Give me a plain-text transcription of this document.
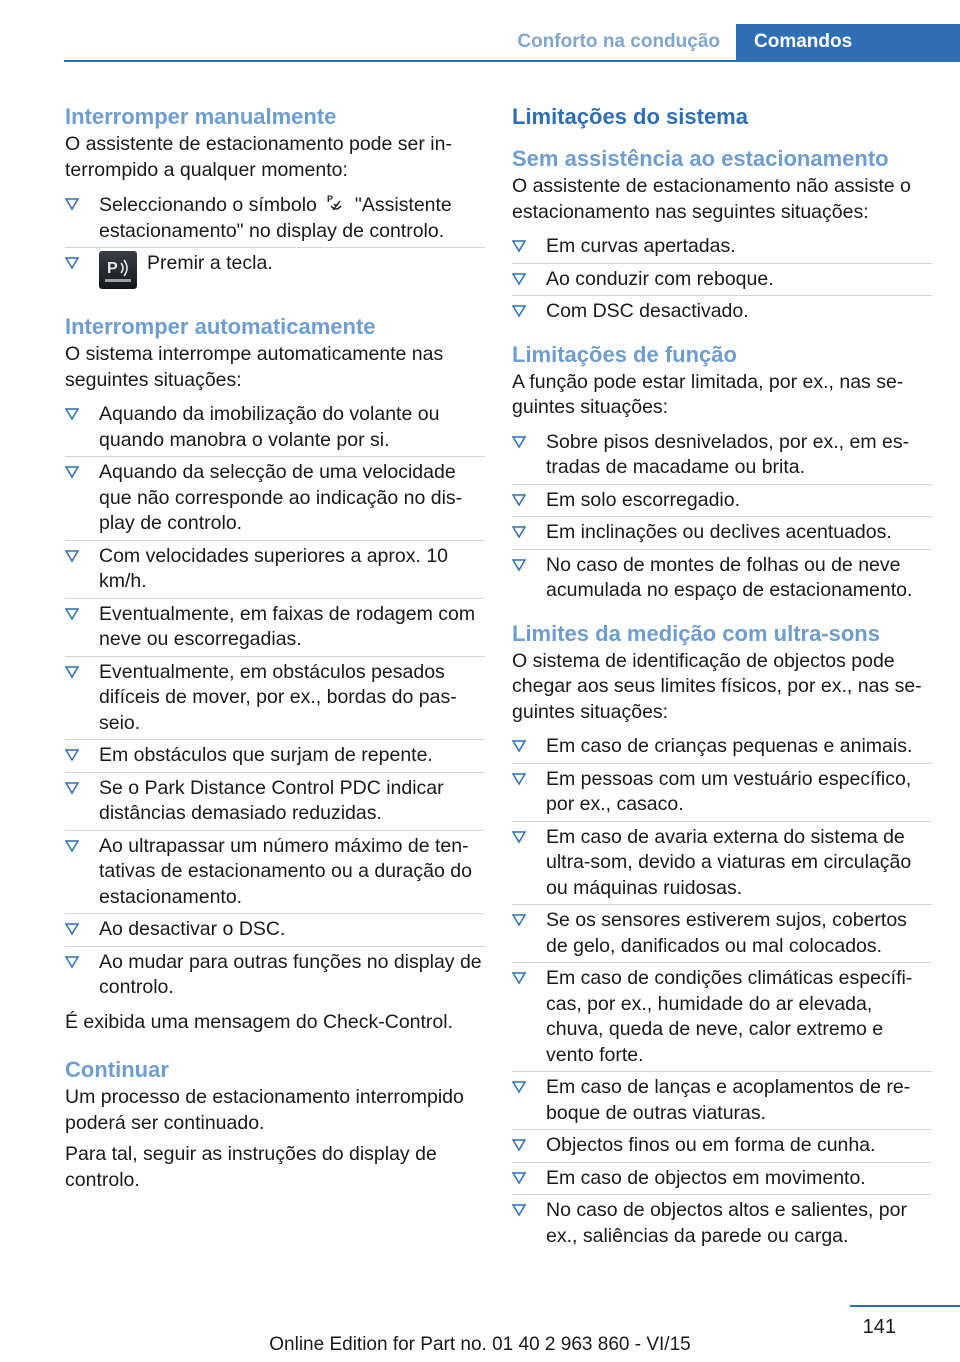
Conforto na condução	Comandos
Interromper manualmente

O assistente de estacionamento pode ser in‐terrompido a qualquer momento:

Seleccionando o símbolo P "Assistente estacionamento" no display de controlo.
P Premir a tecla.
Interromper automaticamente

O sistema interrompe automaticamente nas seguintes situações:

Aquando da imobilização do volante ou quando manobra o volante por si.
Aquando da selecção de uma velocidade que não corresponde ao indicação no dis‐play de controlo.
Com velocidades superiores a aprox. 10 km/h.
Eventualmente, em faixas de rodagem com neve ou escorregadias.
Eventualmente, em obstáculos pesados difíceis de mover, por ex., bordas do pas‐seio.
Em obstáculos que surjam de repente.
Se o Park Distance Control PDC indicar distâncias demasiado reduzidas.
Ao ultrapassar um número máximo de ten‐tativas de estacionamento ou a duração do estacionamento.
Ao desactivar o DSC.
Ao mudar para outras funções no display de controlo.

É exibida uma mensagem do Check-Control.

Continuar

Um processo de estacionamento interrompido poderá ser continuado.

Para tal, seguir as instruções do display de controlo.

Limitações do sistema
Sem assistência ao estacionamento

O assistente de estacionamento não assiste o estacionamento nas seguintes situações:

Em curvas apertadas.
Ao conduzir com reboque.
Com DSC desactivado.
Limitações de função

A função pode estar limitada, por ex., nas se‐guintes situações:

Sobre pisos desnivelados, por ex., em es‐tradas de macadame ou brita.
Em solo escorregadio.
Em inclinações ou declives acentuados.
No caso de montes de folhas ou de neve acumulada no espaço de estacionamento.
Limites da medição com ultra-sons

O sistema de identificação de objectos pode chegar aos seus limites físicos, por ex., nas se‐guintes situações:

Em caso de crianças pequenas e animais.
Em pessoas com um vestuário específico, por ex., casaco.
Em caso de avaria externa do sistema de ultra-som, devido a viaturas em circulação ou máquinas ruidosas.
Se os sensores estiverem sujos, cobertos de gelo, danificados ou mal colocados.
Em caso de condições climáticas específi‐cas, por ex., humidade do ar elevada, chuva, queda de neve, calor extremo e vento forte.
Em caso de lanças e acoplamentos de re‐boque de outras viaturas.
Objectos finos ou em forma de cunha.
Em caso de objectos em movimento.
No caso de objectos altos e salientes, por ex., saliências da parede ou carga.
141
Online Edition for Part no. 01 40 2 963 860 - VI/15
